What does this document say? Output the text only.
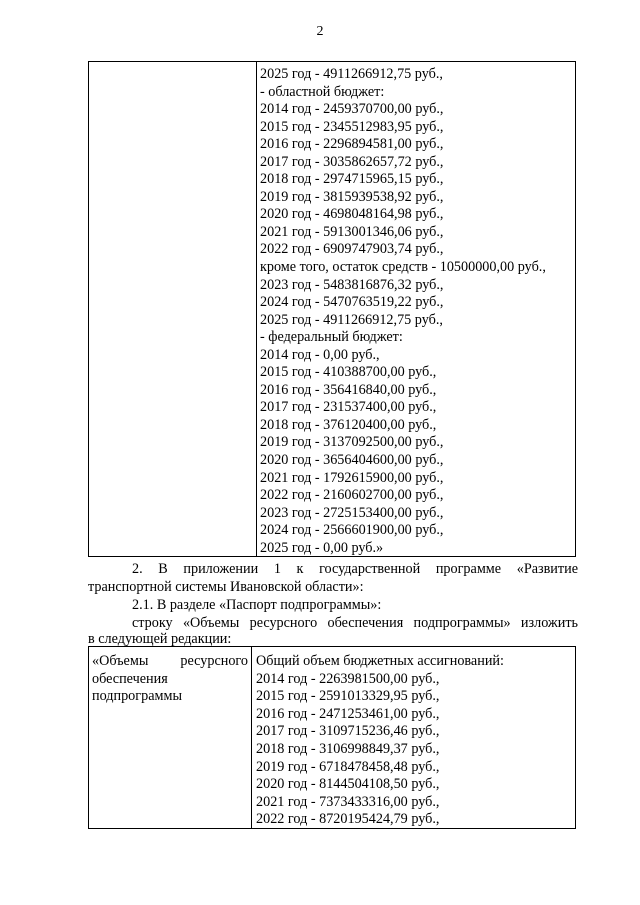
2
2025 год - 4911266912,75 руб.,
- областной бюджет:
2014 год - 2459370700,00 руб.,
2015 год - 2345512983,95 руб.,
2016 год - 2296894581,00 руб.,
2017 год - 3035862657,72 руб.,
2018 год - 2974715965,15 руб.,
2019 год - 3815939538,92 руб.,
2020 год - 4698048164,98 руб.,
2021 год - 5913001346,06 руб.,
2022 год - 6909747903,74 руб.,
кроме того, остаток средств - 10500000,00 руб.,
2023 год - 5483816876,32 руб.,
2024 год - 5470763519,22 руб.,
2025 год - 4911266912,75 руб.,
- федеральный бюджет:
2014 год - 0,00 руб.,
2015 год - 410388700,00 руб.,
2016 год - 356416840,00 руб.,
2017 год - 231537400,00 руб.,
2018 год - 376120400,00 руб.,
2019 год - 3137092500,00 руб.,
2020 год - 3656404600,00 руб.,
2021 год - 1792615900,00 руб.,
2022 год - 2160602700,00 руб.,
2023 год - 2725153400,00 руб.,
2024 год - 2566601900,00 руб.,
2025 год - 0,00 руб.»
2. В приложении 1 к государственной программе «Развитие
транспортной системы Ивановской области»:
2.1. В разделе «Паспорт подпрограммы»:
строку «Объемы ресурсного обеспечения подпрограммы» изложить
в следующей редакции:
«Объемы ресурсного
обеспечения
подпрограммы
Общий объем бюджетных ассигнований:
2014 год - 2263981500,00 руб.,
2015 год - 2591013329,95 руб.,
2016 год - 2471253461,00 руб.,
2017 год - 3109715236,46 руб.,
2018 год - 3106998849,37 руб.,
2019 год - 6718478458,48 руб.,
2020 год - 8144504108,50 руб.,
2021 год - 7373433316,00 руб.,
2022 год - 8720195424,79 руб.,
